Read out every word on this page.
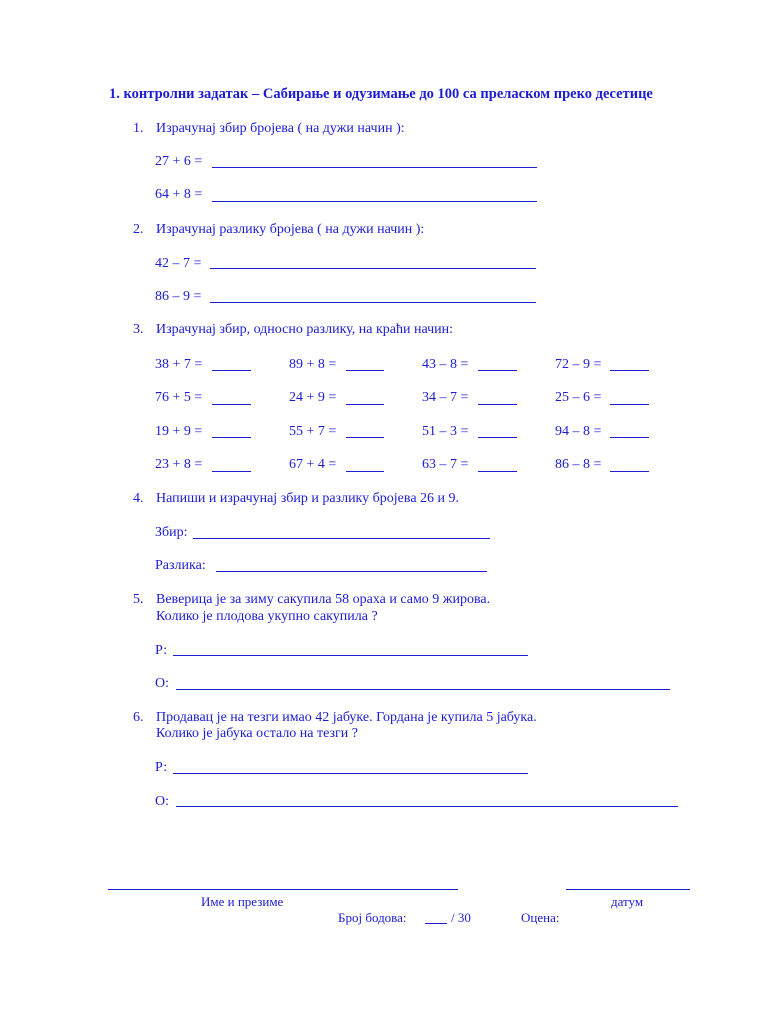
1. контролни задатак – Сабирање и одузимање до 100 са преласком преко десетице
1. Израчунај збир бројева ( на дужи начин ):
27 + 6 =
64 + 8 =
2. Израчунај разлику бројева ( на дужи начин ):
42 – 7 =
86 – 9 =
3. Израчунај збир, односно разлику, на краћи начин:
38 + 7 =	89 + 8 =	43 – 8 =	72 – 9 =
76 + 5 =	24 + 9 =	34 – 7 =	25 – 6 =
19 + 9 =	55 + 7 =	51 – 3 =	94 – 8 =
23 + 8 =	67 + 4 =	63 – 7 =	86 – 8 =
4. Напиши и израчунај збир и разлику бројева 26 и 9.
Збир:
Разлика:
5. Веверица је за зиму сакупила 58 ораха и само 9 жирова.
Колико је плодова укупно сакупила ?
Р:
О:
6. Продавац је на тезги имао 42 јабуке. Гордана је купила 5 јабука.
Колико је јабука остало на тезги ?
Р:
О:
Име и презиме	датум
Број бодова:	/ 30	Оцена:
